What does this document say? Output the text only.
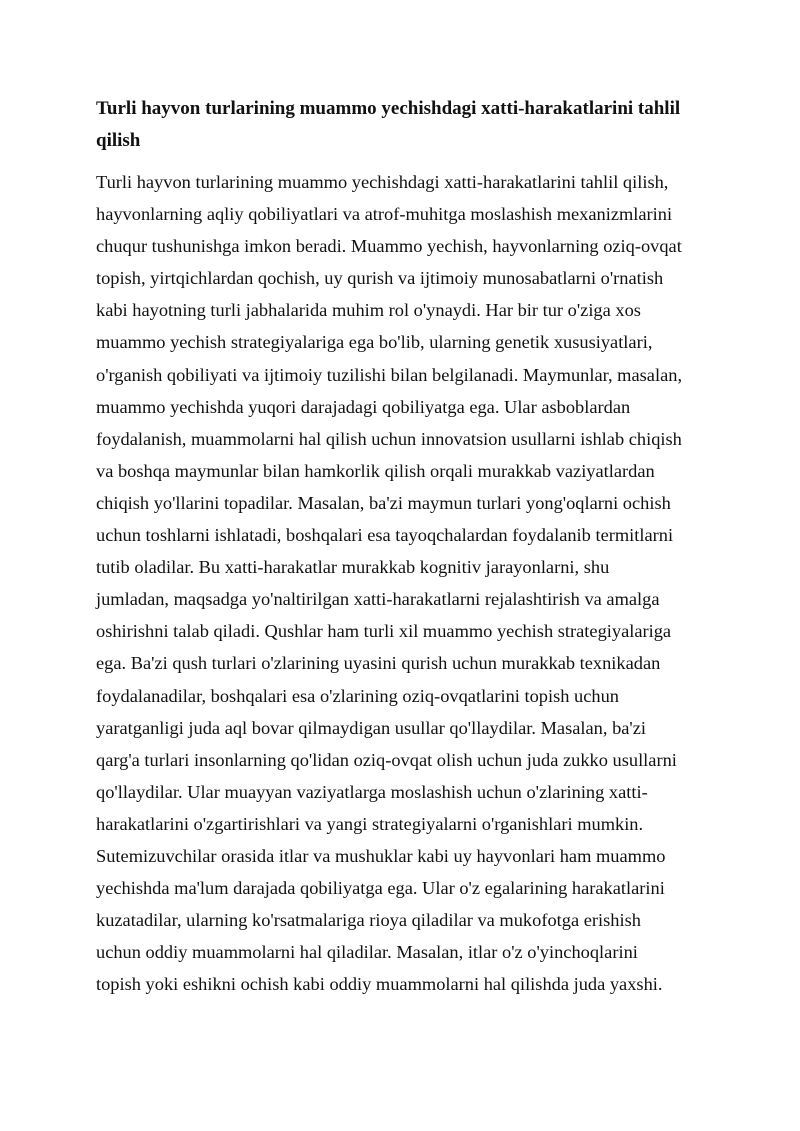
Turli hayvon turlarining muammo yechishdagi xatti-harakatlarini tahlil qilish
Turli hayvon turlarining muammo yechishdagi xatti-harakatlarini tahlil qilish,
hayvonlarning aqliy qobiliyatlari va atrof-muhitga moslashish mexanizmlarini
chuqur tushunishga imkon beradi. Muammo yechish, hayvonlarning oziq-ovqat
topish, yirtqichlardan qochish, uy qurish va ijtimoiy munosabatlarni o'rnatish
kabi hayotning turli jabhalarida muhim rol o'ynaydi. Har bir tur o'ziga xos
muammo yechish strategiyalariga ega bo'lib, ularning genetik xususiyatlari,
o'rganish qobiliyati va ijtimoiy tuzilishi bilan belgilanadi. Maymunlar, masalan,
muammo yechishda yuqori darajadagi qobiliyatga ega. Ular asboblardan
foydalanish, muammolarni hal qilish uchun innovatsion usullarni ishlab chiqish
va boshqa maymunlar bilan hamkorlik qilish orqali murakkab vaziyatlardan
chiqish yo'llarini topadilar. Masalan, ba'zi maymun turlari yong'oqlarni ochish
uchun toshlarni ishlatadi, boshqalari esa tayoqchalardan foydalanib termitlarni
tutib oladilar. Bu xatti-harakatlar murakkab kognitiv jarayonlarni, shu
jumladan, maqsadga yo'naltirilgan xatti-harakatlarni rejalashtirish va amalga
oshirishni talab qiladi. Qushlar ham turli xil muammo yechish strategiyalariga
ega. Ba'zi qush turlari o'zlarining uyasini qurish uchun murakkab texnikadan
foydalanadilar, boshqalari esa o'zlarining oziq-ovqatlarini topish uchun
yaratganligi juda aql bovar qilmaydigan usullar qo'llaydilar. Masalan, ba'zi
qarg'a turlari insonlarning qo'lidan oziq-ovqat olish uchun juda zukko usullarni
qo'llaydilar. Ular muayyan vaziyatlarga moslashish uchun o'zlarining xatti-
harakatlarini o'zgartirishlari va yangi strategiyalarni o'rganishlari mumkin.
Sutemizuvchilar orasida itlar va mushuklar kabi uy hayvonlari ham muammo
yechishda ma'lum darajada qobiliyatga ega. Ular o'z egalarining harakatlarini
kuzatadilar, ularning ko'rsatmalariga rioya qiladilar va mukofotga erishish
uchun oddiy muammolarni hal qiladilar. Masalan, itlar o'z o'yinchoqlarini
topish yoki eshikni ochish kabi oddiy muammolarni hal qilishda juda yaxshi.
